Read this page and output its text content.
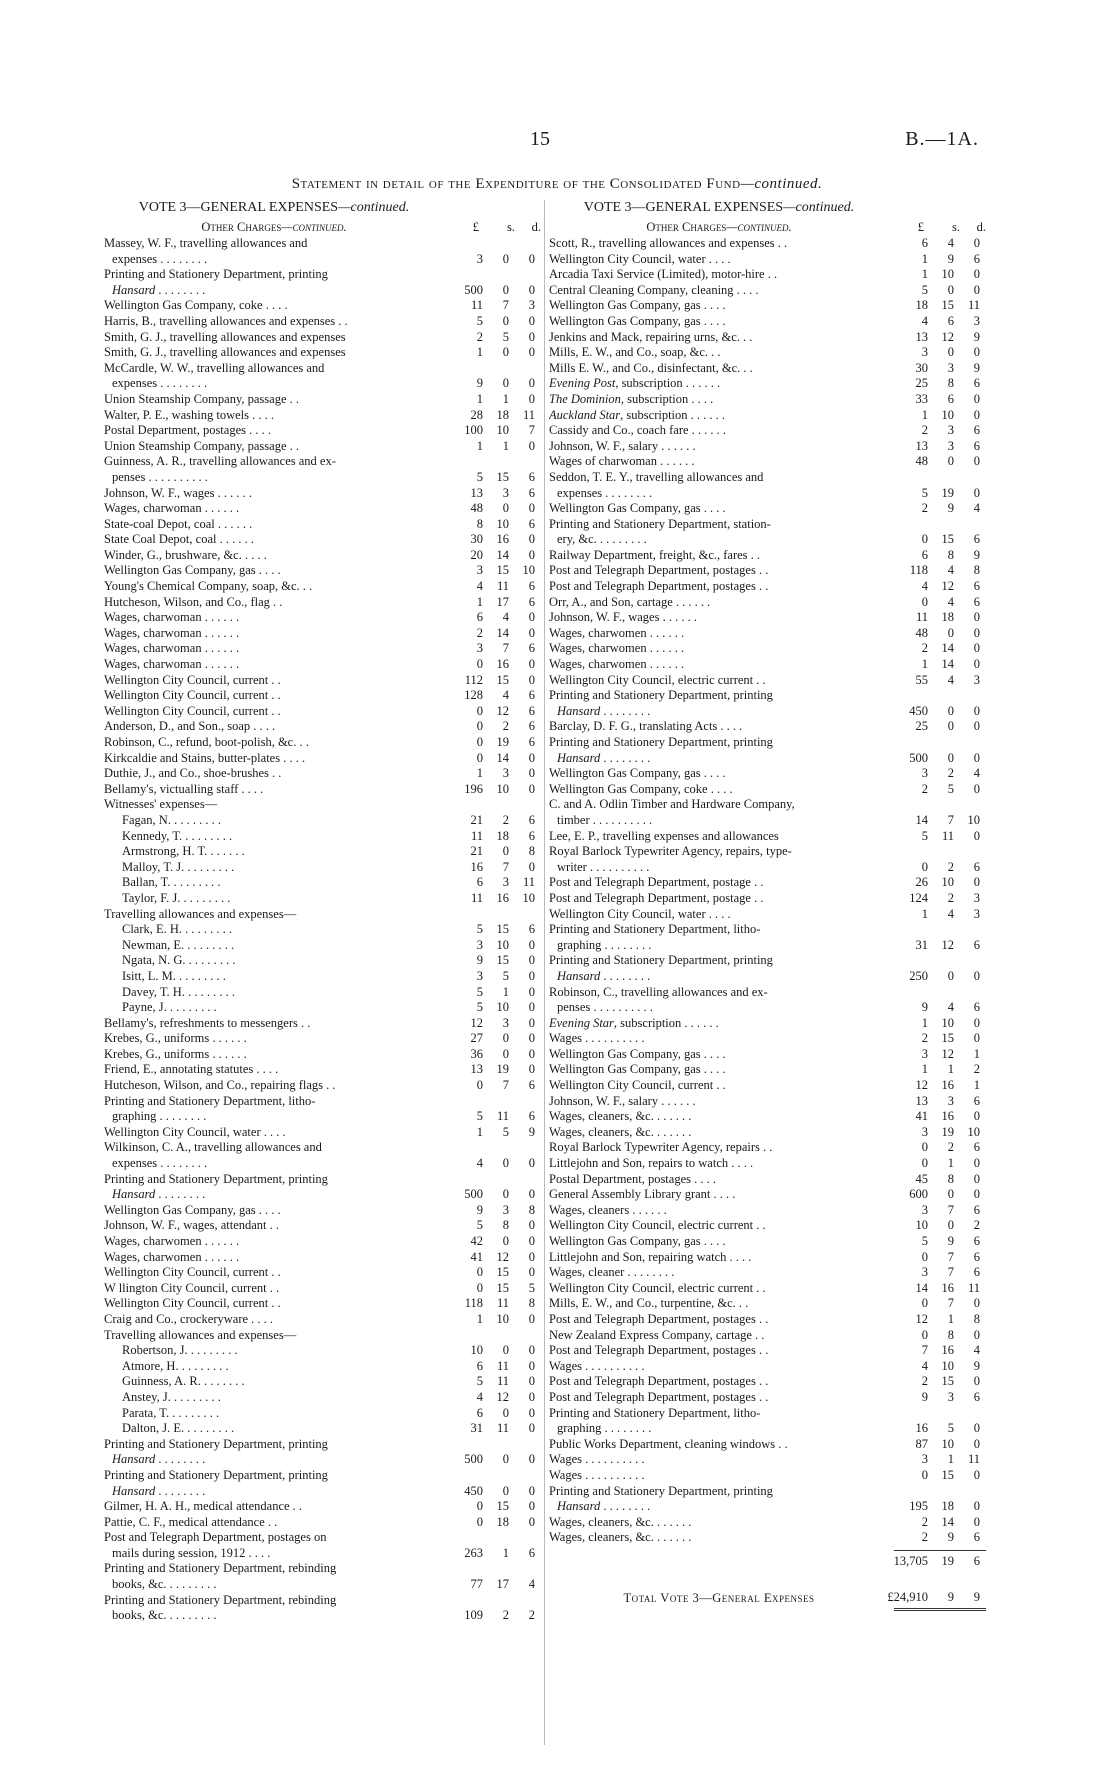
15	B.—1A.
Statement in detail of the Expenditure of the Consolidated Fund—continued.
VOTE 3—GENERAL EXPENSES—continued.
Other Charges—continued.	£	s.	d.
Massey, W. F., travelling allowances and
expenses . . . . . . . .	3	0	0
Printing and Stationery Department, printing
Hansard . . . . . . . .	500	0	0
Wellington Gas Company, coke . . . .	11	7	3
Harris, B., travelling allowances and expenses . .	5	0	0
Smith, G. J., travelling allowances and expenses	2	5	0
Smith, G. J., travelling allowances and expenses	1	0	0
McCardle, W. W., travelling allowances and
expenses . . . . . . . .	9	0	0
Union Steamship Company, passage . .	1	1	0
Walter, P. E., washing towels . . . .	28	18	11
Postal Department, postages . . . .	100	10	7
Union Steamship Company, passage . .	1	1	0
Guinness, A. R., travelling allowances and ex-
penses . . . . . . . . . .	5	15	6
Johnson, W. F., wages . . . . . .	13	3	6
Wages, charwoman . . . . . .	48	0	0
State-coal Depot, coal . . . . . .	8	10	6
State Coal Depot, coal . . . . . .	30	16	0
Winder, G., brushware, &c. . . . .	20	14	0
Wellington Gas Company, gas . . . .	3	15	10
Young's Chemical Company, soap, &c. . .	4	11	6
Hutcheson, Wilson, and Co., flag . .	1	17	6
Wages, charwoman . . . . . .	6	4	0
Wages, charwoman . . . . . .	2	14	0
Wages, charwoman . . . . . .	3	7	6
Wages, charwoman . . . . . .	0	16	0
Wellington City Council, current . .	112	15	0
Wellington City Council, current . .	128	4	6
Wellington City Council, current . .	0	12	6
Anderson, D., and Son., soap . . . .	0	2	6
Robinson, C., refund, boot-polish, &c. . .	0	19	6
Kirkcaldie and Stains, butter-plates . . . .	0	14	0
Duthie, J., and Co., shoe-brushes . .	1	3	0
Bellamy's, victualling staff . . . .	196	10	0
Witnesses' expenses—
Fagan, N. . . . . . . . .	21	2	6
Kennedy, T. . . . . . . . .	11	18	6
Armstrong, H. T. . . . . . .	21	0	8
Malloy, T. J. . . . . . . . .	16	7	0
Ballan, T. . . . . . . . .	6	3	11
Taylor, F. J. . . . . . . . .	11	16	10
Travelling allowances and expenses—
Clark, E. H. . . . . . . . .	5	15	6
Newman, E. . . . . . . . .	3	10	0
Ngata, N. G. . . . . . . . .	9	15	0
Isitt, L. M. . . . . . . . .	3	5	0
Davey, T. H. . . . . . . . .	5	1	0
Payne, J. . . . . . . . .	5	10	0
Bellamy's, refreshments to messengers . .	12	3	0
Krebes, G., uniforms . . . . . .	27	0	0
Krebes, G., uniforms . . . . . .	36	0	0
Friend, E., annotating statutes . . . .	13	19	0
Hutcheson, Wilson, and Co., repairing flags . .	0	7	6
Printing and Stationery Department, litho-
graphing . . . . . . . .	5	11	6
Wellington City Council, water . . . .	1	5	9
Wilkinson, C. A., travelling allowances and
expenses . . . . . . . .	4	0	0
Printing and Stationery Department, printing
Hansard . . . . . . . .	500	0	0
Wellington Gas Company, gas . . . .	9	3	8
Johnson, W. F., wages, attendant . .	5	8	0
Wages, charwomen . . . . . .	42	0	0
Wages, charwomen . . . . . .	41	12	0
Wellington City Council, current . .	0	15	0
W llington City Council, current . .	0	15	5
Wellington City Council, current . .	118	11	8
Craig and Co., crockeryware . . . .	1	10	0
Travelling allowances and expenses—
Robertson, J. . . . . . . . .	10	0	0
Atmore, H. . . . . . . . .	6	11	0
Guinness, A. R. . . . . . . .	5	11	0
Anstey, J. . . . . . . . .	4	12	0
Parata, T. . . . . . . . .	6	0	0
Dalton, J. E. . . . . . . . .	31	11	0
Printing and Stationery Department, printing
Hansard . . . . . . . .	500	0	0
Printing and Stationery Department, printing
Hansard . . . . . . . .	450	0	0
Gilmer, H. A. H., medical attendance . .	0	15	0
Pattie, C. F., medical attendance . .	0	18	0
Post and Telegraph Department, postages on
mails during session, 1912 . . . .	263	1	6
Printing and Stationery Department, rebinding
books, &c. . . . . . . . .	77	17	4
Printing and Stationery Department, rebinding
books, &c. . . . . . . . .	109	2	2
VOTE 3—GENERAL EXPENSES—continued.
Other Charges—continued.	£	s.	d.
Scott, R., travelling allowances and expenses . .	6	4	0
Wellington City Council, water . . . .	1	9	6
Arcadia Taxi Service (Limited), motor-hire . .	1	10	0
Central Cleaning Company, cleaning . . . .	5	0	0
Wellington Gas Company, gas . . . .	18	15	11
Wellington Gas Company, gas . . . .	4	6	3
Jenkins and Mack, repairing urns, &c. . .	13	12	9
Mills, E. W., and Co., soap, &c. . .	3	0	0
Mills E. W., and Co., disinfectant, &c. . .	30	3	9
Evening Post, subscription . . . . . .	25	8	6
The Dominion, subscription . . . .	33	6	0
Auckland Star, subscription . . . . . .	1	10	0
Cassidy and Co., coach fare . . . . . .	2	3	6
Johnson, W. F., salary . . . . . .	13	3	6
Wages of charwoman . . . . . .	48	0	0
Seddon, T. E. Y., travelling allowances and
expenses . . . . . . . .	5	19	0
Wellington Gas Company, gas . . . .	2	9	4
Printing and Stationery Department, station-
ery, &c. . . . . . . . .	0	15	6
Railway Department, freight, &c., fares . .	6	8	9
Post and Telegraph Department, postages . .	118	4	8
Post and Telegraph Department, postages . .	4	12	6
Orr, A., and Son, cartage . . . . . .	0	4	6
Johnson, W. F., wages . . . . . .	11	18	0
Wages, charwomen . . . . . .	48	0	0
Wages, charwomen . . . . . .	2	14	0
Wages, charwomen . . . . . .	1	14	0
Wellington City Council, electric current . .	55	4	3
Printing and Stationery Department, printing
Hansard . . . . . . . .	450	0	0
Barclay, D. F. G., translating Acts . . . .	25	0	0
Printing and Stationery Department, printing
Hansard . . . . . . . .	500	0	0
Wellington Gas Company, gas . . . .	3	2	4
Wellington Gas Company, coke . . . .	2	5	0
C. and A. Odlin Timber and Hardware Company,
timber . . . . . . . . . .	14	7	10
Lee, E. P., travelling expenses and allowances	5	11	0
Royal Barlock Typewriter Agency, repairs, type-
writer . . . . . . . . . .	0	2	6
Post and Telegraph Department, postage . .	26	10	0
Post and Telegraph Department, postage . .	124	2	3
Wellington City Council, water . . . .	1	4	3
Printing and Stationery Department, litho-
graphing . . . . . . . .	31	12	6
Printing and Stationery Department, printing
Hansard . . . . . . . .	250	0	0
Robinson, C., travelling allowances and ex-
penses . . . . . . . . . .	9	4	6
Evening Star, subscription . . . . . .	1	10	0
Wages . . . . . . . . . .	2	15	0
Wellington Gas Company, gas . . . .	3	12	1
Wellington Gas Company, gas . . . .	1	1	2
Wellington City Council, current . .	12	16	1
Johnson, W. F., salary . . . . . .	13	3	6
Wages, cleaners, &c. . . . . . .	41	16	0
Wages, cleaners, &c. . . . . . .	3	19	10
Royal Barlock Typewriter Agency, repairs . .	0	2	6
Littlejohn and Son, repairs to watch . . . .	0	1	0
Postal Department, postages . . . .	45	8	0
General Assembly Library grant . . . .	600	0	0
Wages, cleaners . . . . . .	3	7	6
Wellington City Council, electric current . .	10	0	2
Wellington Gas Company, gas . . . .	5	9	6
Littlejohn and Son, repairing watch . . . .	0	7	6
Wages, cleaner . . . . . . . .	3	7	6
Wellington City Council, electric current . .	14	16	11
Mills, E. W., and Co., turpentine, &c. . .	0	7	0
Post and Telegraph Department, postages . .	12	1	8
New Zealand Express Company, cartage . .	0	8	0
Post and Telegraph Department, postages . .	7	16	4
Wages . . . . . . . . . .	4	10	9
Post and Telegraph Department, postages . .	2	15	0
Post and Telegraph Department, postages . .	9	3	6
Printing and Stationery Department, litho-
graphing . . . . . . . .	16	5	0
Public Works Department, cleaning windows . .	87	10	0
Wages . . . . . . . . . .	3	1	11
Wages . . . . . . . . . .	0	15	0
Printing and Stationery Department, printing
Hansard . . . . . . . .	195	18	0
Wages, cleaners, &c. . . . . . .	2	14	0
Wages, cleaners, &c. . . . . . .	2	9	6
13,705	19	6
Total Vote 3—General Expenses	£24,910	9	9
